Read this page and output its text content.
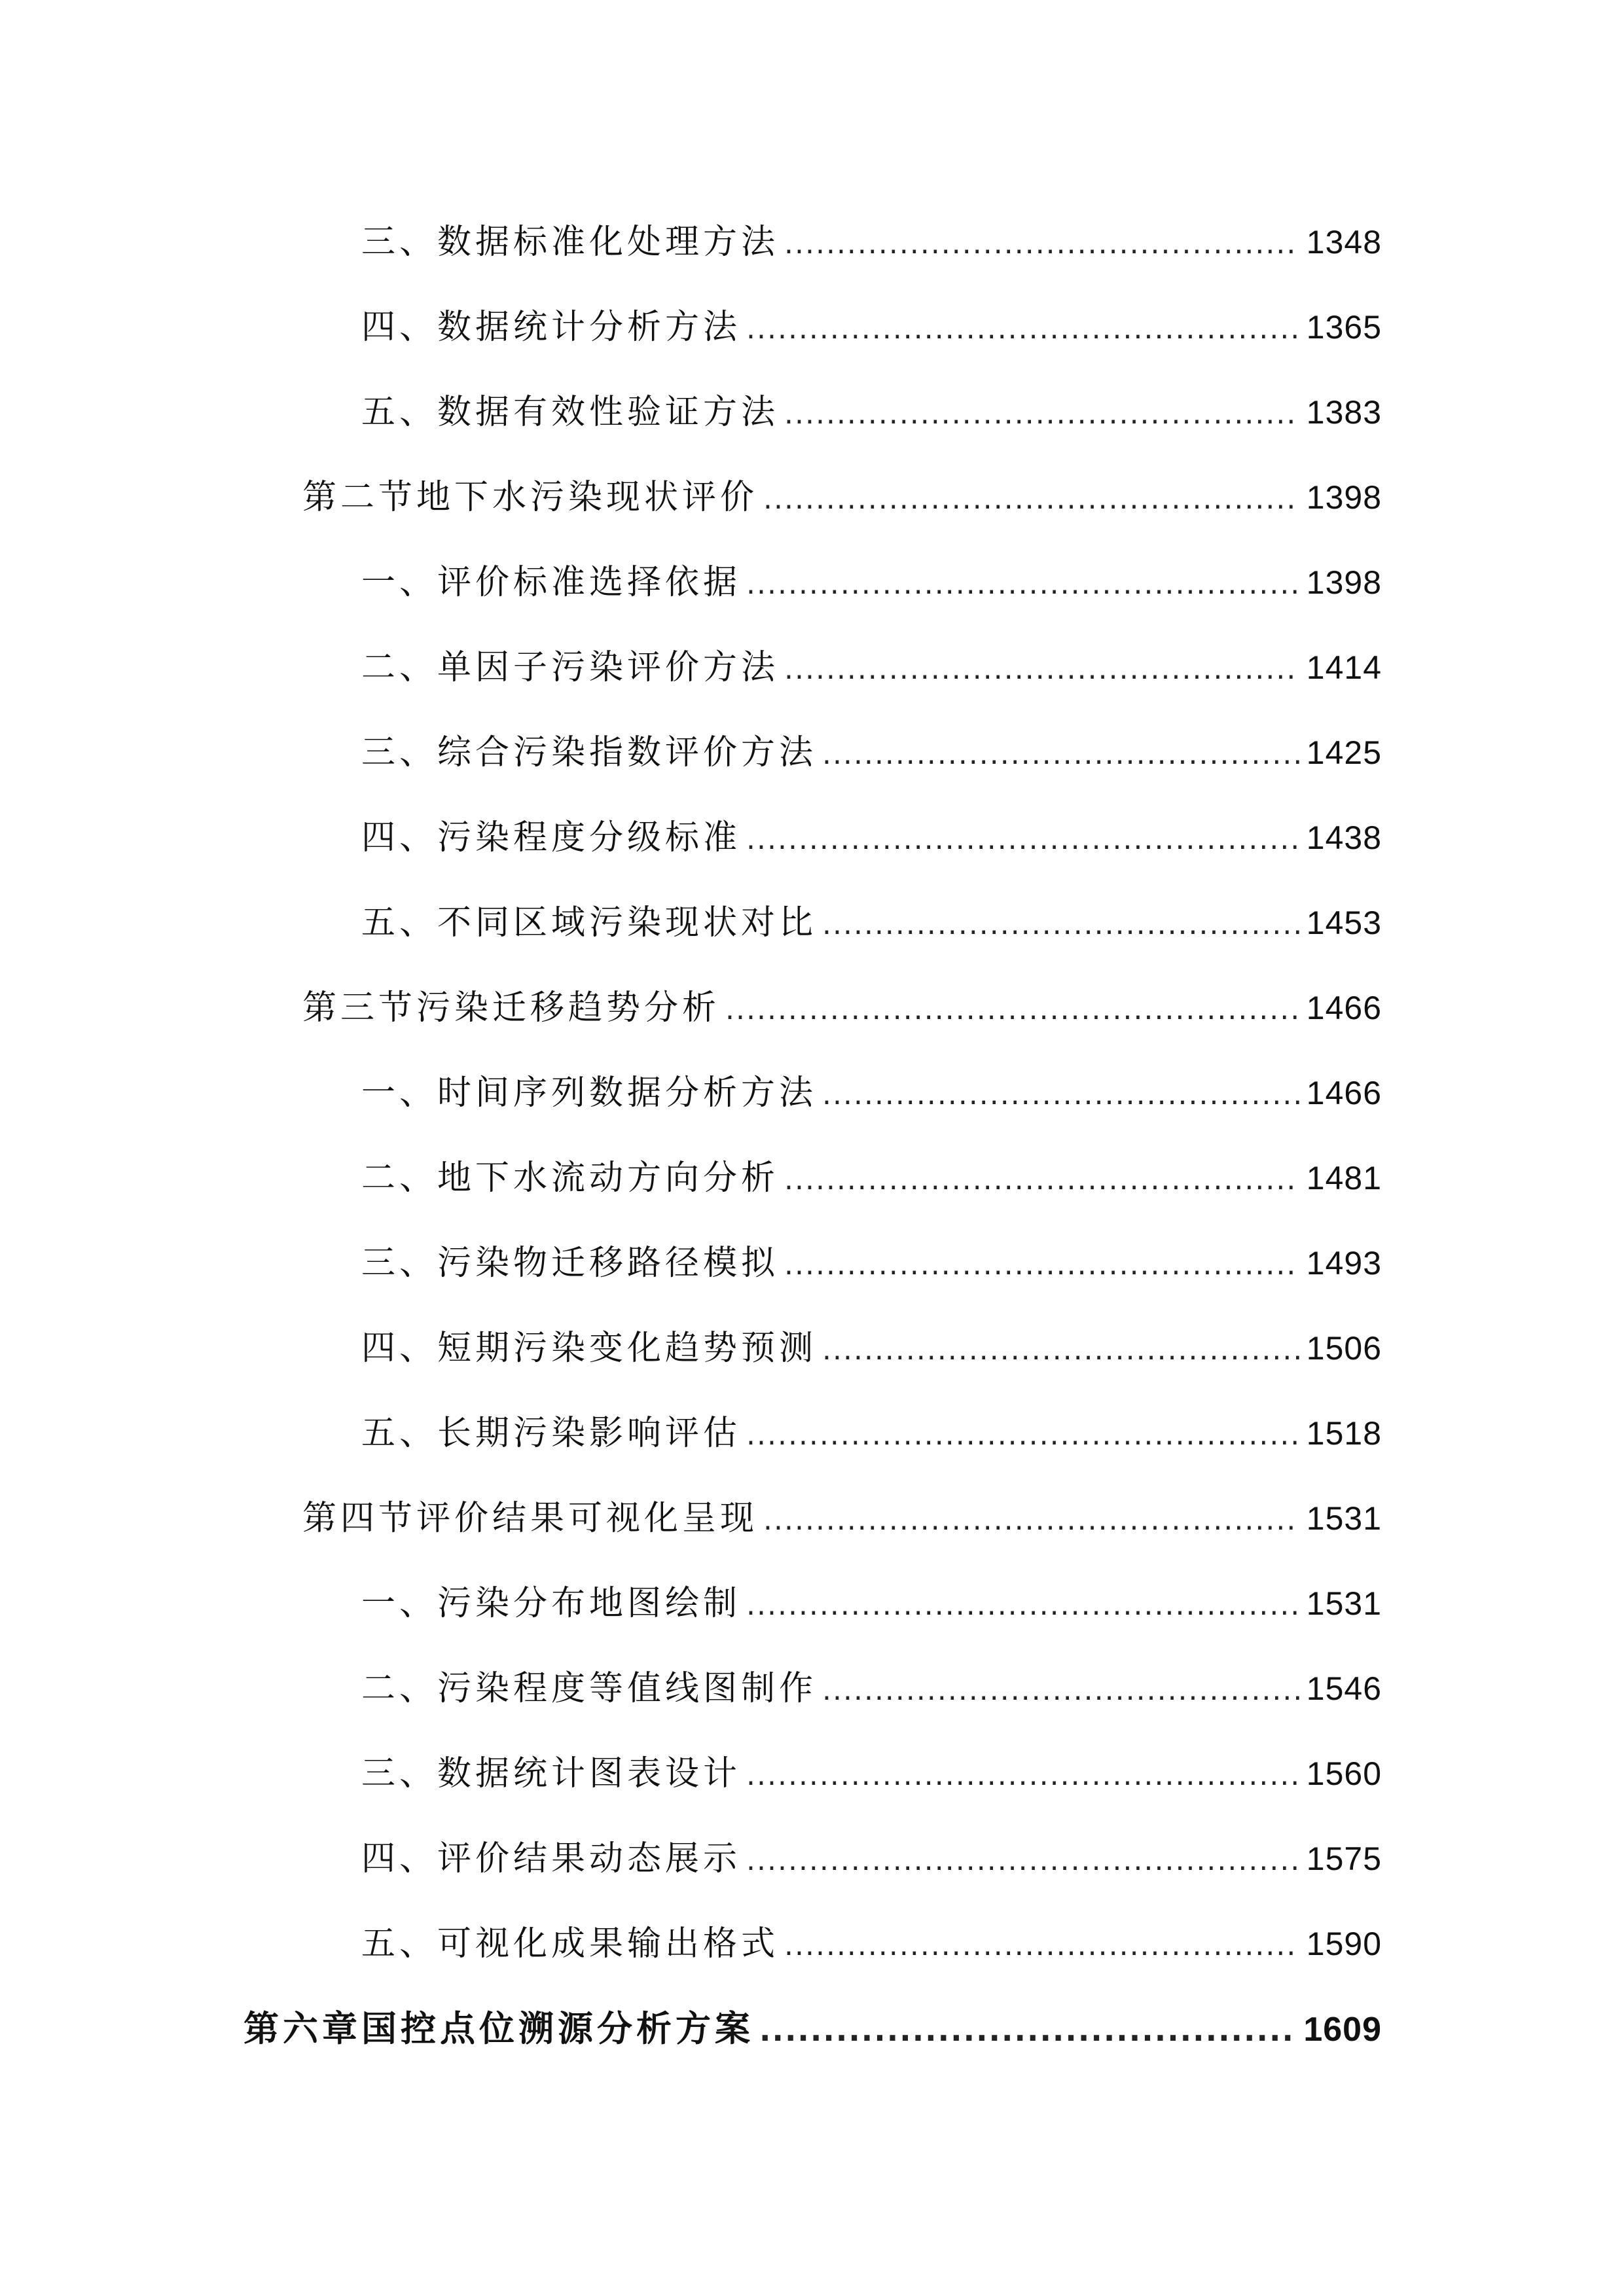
三、数据标准化处理方法 .....	1348
四、数据统计分析方法 .....	1365
五、数据有效性验证方法 .....	1383
第二节地下水污染现状评价 .....	1398
一、评价标准选择依据 .....	1398
二、单因子污染评价方法 .....	1414
三、综合污染指数评价方法 .....	1425
四、污染程度分级标准 .....	1438
五、不同区域污染现状对比 .....	1453
第三节污染迁移趋势分析 .....	1466
一、时间序列数据分析方法 .....	1466
二、地下水流动方向分析 .....	1481
三、污染物迁移路径模拟 .....	1493
四、短期污染变化趋势预测 .....	1506
五、长期污染影响评估 .....	1518
第四节评价结果可视化呈现 .....	1531
一、污染分布地图绘制 .....	1531
二、污染程度等值线图制作 .....	1546
三、数据统计图表设计 .....	1560
四、评价结果动态展示 .....	1575
五、可视化成果输出格式 .....	1590
第六章国控点位溯源分析方案 .....	1609
